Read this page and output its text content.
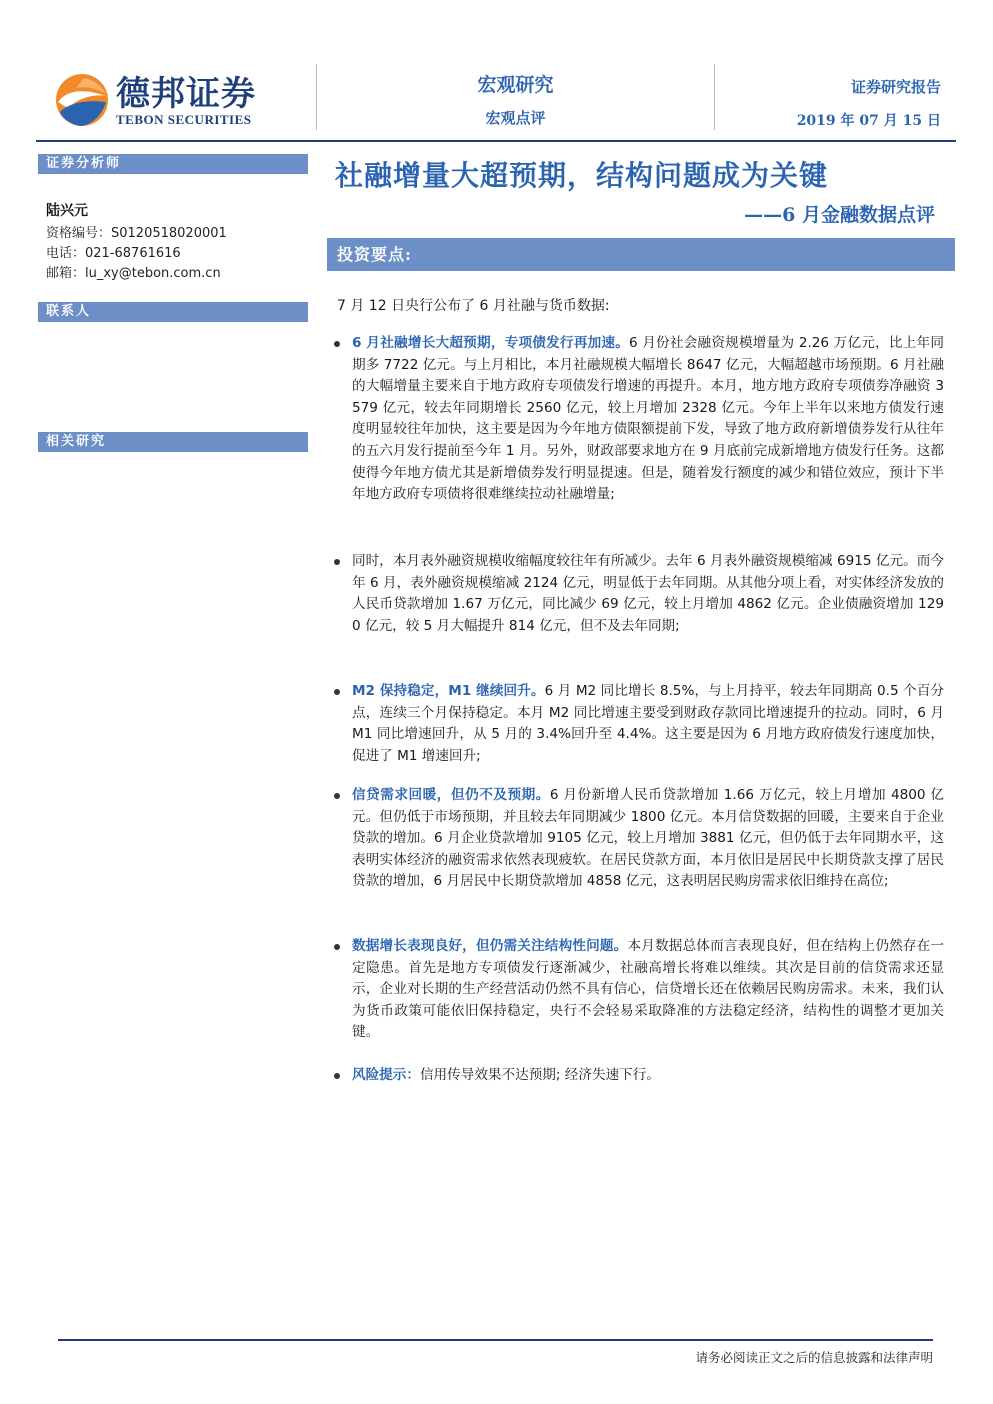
德邦证券
TEBON SECURITIES
宏观研究
宏观点评
证券研究报告
2019 年 07 月 15 日
证券分析师
陆兴元
资格编号：S0120518020001
电话：021-68761616
邮箱：lu_xy@tebon.com.cn
联系人
相关研究
社融增量大超预期，结构问题成为关键
——6 月金融数据点评
投资要点:
7 月 12 日央行公布了 6 月社融与货币数据:
6 月社融增长大超预期，专项债发行再加速。6 月份社会融资规模增量为 2.26 万亿元，比上年同期多 7722 亿元。与上月相比，本月社融规模大幅增长 8647 亿元，大幅超越市场预期。6 月社融的大幅增量主要来自于地方政府专项债发行增速的再提升。本月，地方地方政府专项债券净融资 3579 亿元，较去年同期增长 2560 亿元，较上月增加 2328 亿元。今年上半年以来地方债发行速度明显较往年加快，这主要是因为今年地方债限额提前下发，导致了地方政府新增债券发行从往年的五六月发行提前至今年 1 月。另外，财政部要求地方在 9 月底前完成新增地方债发行任务。这都使得今年地方债尤其是新增债券发行明显提速。但是，随着发行额度的减少和错位效应，预计下半年地方政府专项债将很难继续拉动社融增量;
同时，本月表外融资规模收缩幅度较往年有所减少。去年 6 月表外融资规模缩减 6915 亿元。而今年 6 月，表外融资规模缩减 2124 亿元，明显低于去年同期。从其他分项上看，对实体经济发放的人民币贷款增加 1.67 万亿元，同比减少 69 亿元，较上月增加 4862 亿元。企业债融资增加 1290 亿元，较 5 月大幅提升 814 亿元，但不及去年同期;
M2 保持稳定，M1 继续回升。6 月 M2 同比增长 8.5%，与上月持平，较去年同期高 0.5 个百分点，连续三个月保持稳定。本月 M2 同比增速主要受到财政存款同比增速提升的拉动。同时，6 月 M1 同比增速回升，从 5 月的 3.4%回升至 4.4%。这主要是因为 6 月地方政府债发行速度加快，促进了 M1 增速回升;
信贷需求回暖，但仍不及预期。6 月份新增人民币贷款增加 1.66 万亿元，较上月增加 4800 亿元。但仍低于市场预期，并且较去年同期减少 1800 亿元。本月信贷数据的回暖，主要来自于企业贷款的增加。6 月企业贷款增加 9105 亿元，较上月增加 3881 亿元，但仍低于去年同期水平，这表明实体经济的融资需求依然表现疲软。在居民贷款方面，本月依旧是居民中长期贷款支撑了居民贷款的增加，6 月居民中长期贷款增加 4858 亿元，这表明居民购房需求依旧维持在高位;
数据增长表现良好，但仍需关注结构性问题。本月数据总体而言表现良好，但在结构上仍然存在一定隐患。首先是地方专项债发行逐渐减少，社融高增长将难以维续。其次是目前的信贷需求还显示，企业对长期的生产经营活动仍然不具有信心，信贷增长还在依赖居民购房需求。未来，我们认为货币政策可能依旧保持稳定，央行不会轻易采取降准的方法稳定经济，结构性的调整才更加关键。
风险提示：信用传导效果不达预期; 经济失速下行。
请务必阅读正文之后的信息披露和法律声明
